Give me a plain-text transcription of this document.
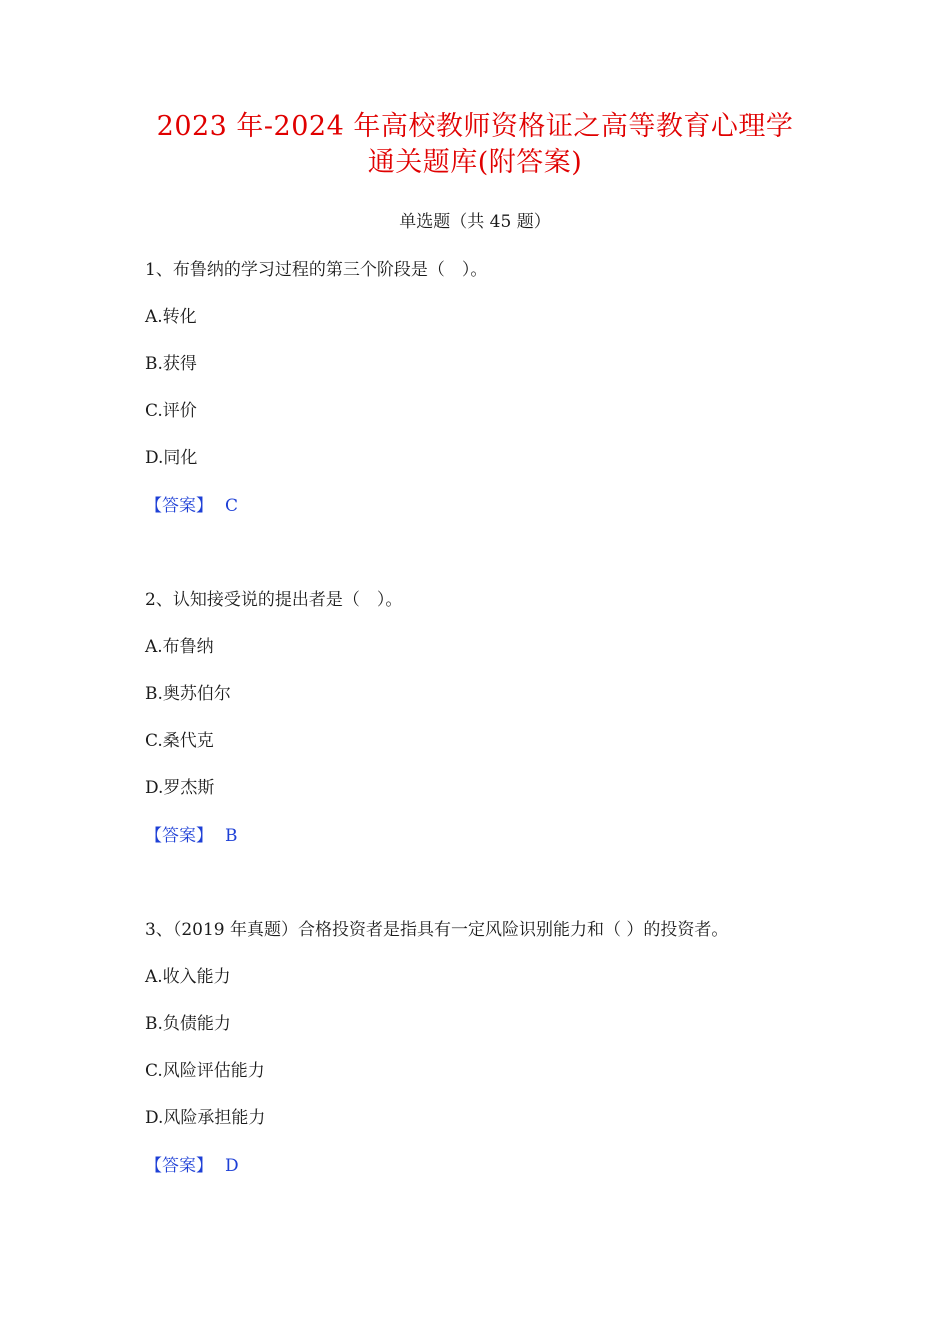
2023 年-2024 年高校教师资格证之高等教育心理学
通关题库(附答案)
单选题（共 45 题）
1、布鲁纳的学习过程的第三个阶段是（　）。
A.转化
B.获得
C.评价
D.同化
【答案】 C
2、认知接受说的提出者是（　）。
A.布鲁纳
B.奥苏伯尔
C.桑代克
D.罗杰斯
【答案】 B
3、（2019 年真题）合格投资者是指具有一定风险识别能力和（ ）的投资者。
A.收入能力
B.负债能力
C.风险评估能力
D.风险承担能力
【答案】 D
